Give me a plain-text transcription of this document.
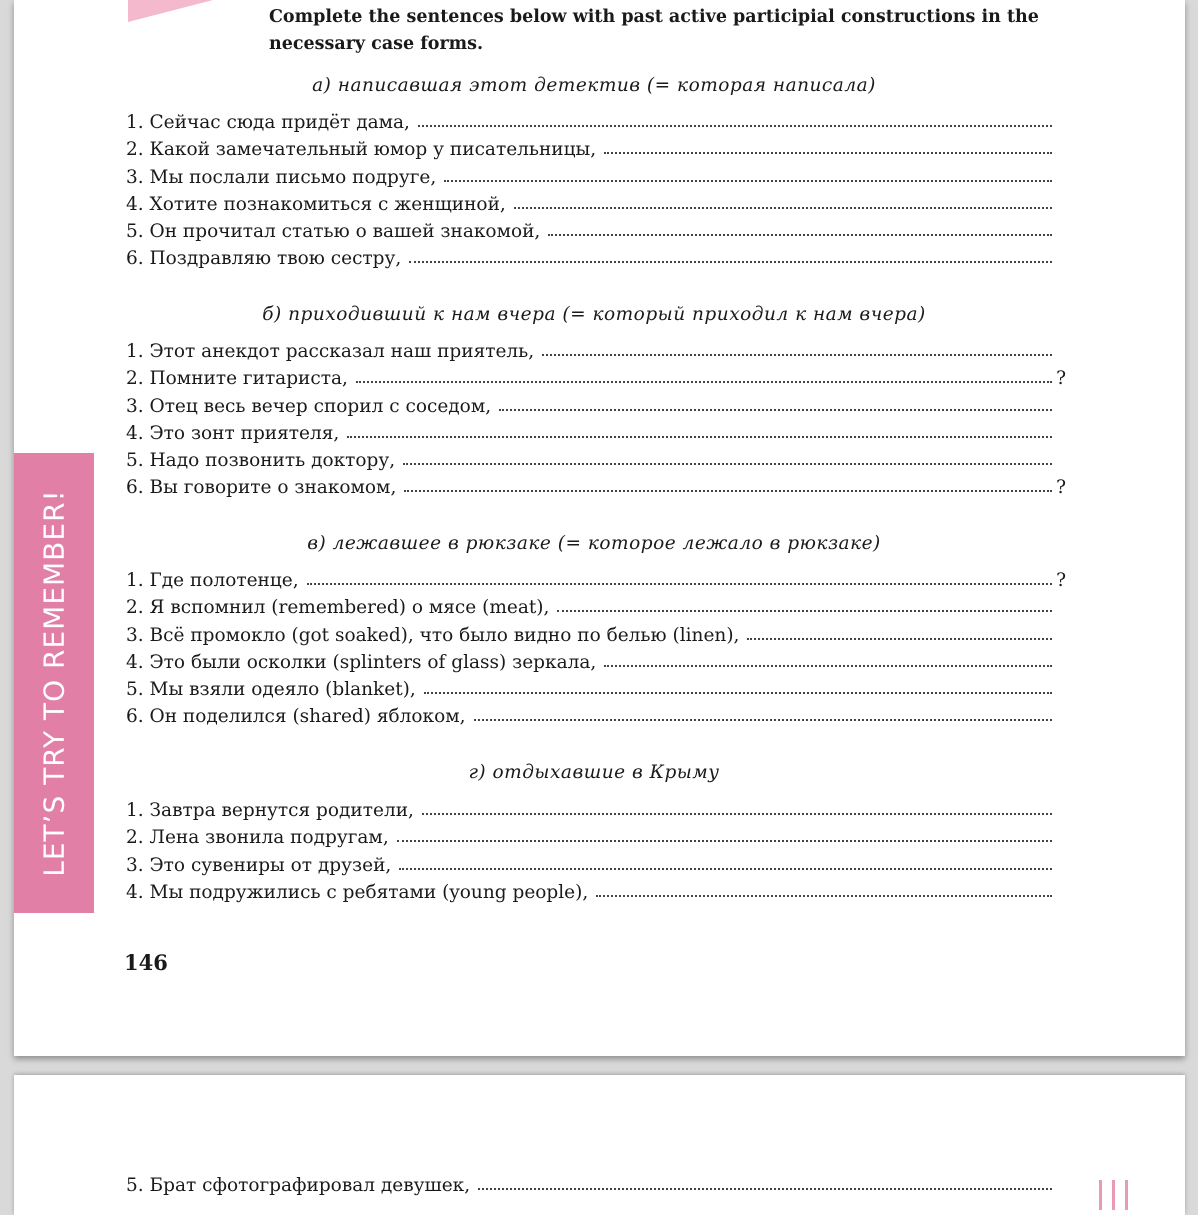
LET’S TRY TO REMEMBER!
Complete the sentences below with past active participial constructions in the necessary case forms.
а) написавшая этот детектив (= которая написала)
1. Сейчас сюда придёт дама,
2. Какой замечательный юмор у писательницы,
3. Мы послали письмо подруге,
4. Хотите познакомиться с женщиной,
5. Он прочитал статью о вашей знакомой,
6. Поздравляю твою сестру,
б) приходивший к нам вчера (= который приходил к нам вчера)
1. Этот анекдот рассказал наш приятель,
2. Помните гитариста,	?
3. Отец весь вечер спорил с соседом,
4. Это зонт приятеля,
5. Надо позвонить доктору,
6. Вы говорите о знакомом,	?
в) лежавшее в рюкзаке (= которое лежало в рюкзаке)
1. Где полотенце,	?
2. Я вспомнил (remembered) о мясе (meat),
3. Всё промокло (got soaked), что было видно по белью (linen),
4. Это были осколки (splinters of glass) зеркала,
5. Мы взяли одеяло (blanket),
6. Он поделился (shared) яблоком,
г) отдыхавшие в Крыму
1. Завтра вернутся родители,
2. Лена звонила подругам,
3. Это сувениры от друзей,
4. Мы подружились с ребятами (young people),
146
5. Брат сфотографировал девушек,
